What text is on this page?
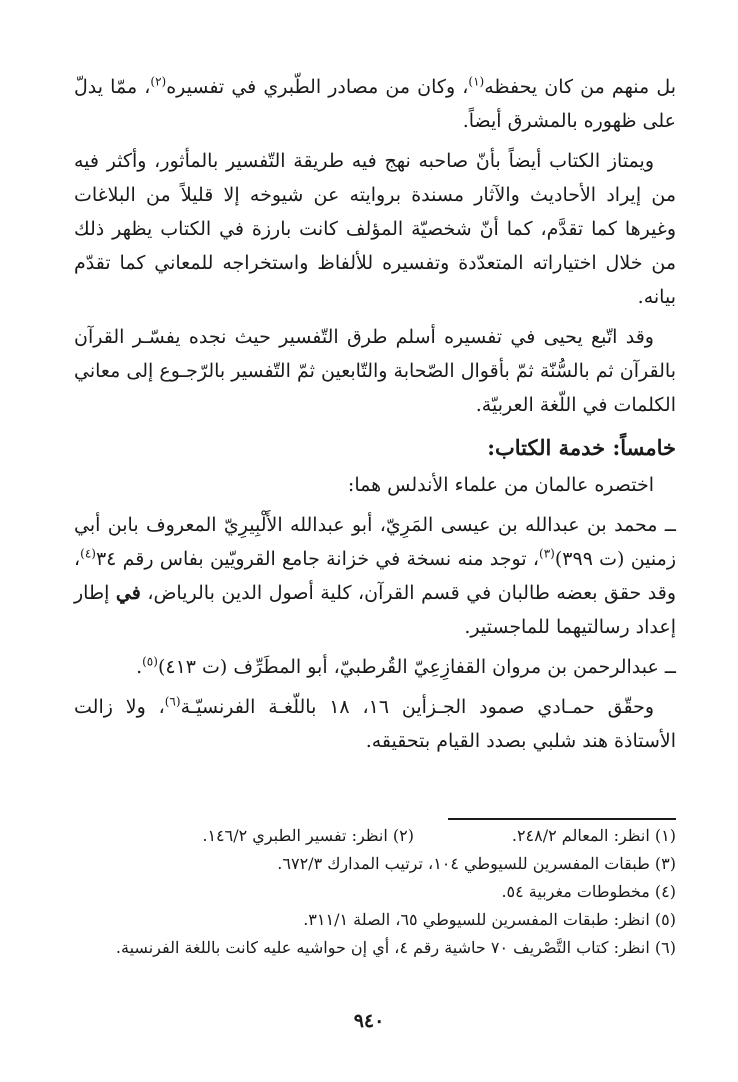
بل منهم من كان يحفظه$^{(١)}$، وكان من مصادر الطّبري في تفسيره$^{(٢)}$، ممّا يدلّ على ظهوره بالمشرق أيضاً.

ويمتاز الكتاب أيضاً بأنّ صاحبه نهج فيه طريقة التّفسير بالمأثور، وأكثر فيه من إيراد الأحاديث والآثار مسندة بروايته عن شيوخه إلا قليلاً من البلاغات وغيرها كما تقدَّم، كما أنّ شخصيّة المؤلف كانت بارزة في الكتاب يظهر ذلك من خلال اختياراته المتعدّدة وتفسيره للألفاظ واستخراجه للمعاني كما تقدّم بيانه.

وقد اتّبع يحيى في تفسيره أسلم طرق التّفسير حيث نجده يفسّـر القرآن بالقرآن ثم بالسُّنّة ثمّ بأقوال الصّحابة والتّابعين ثمّ التّفسير بالرّجـوع إلى معاني الكلمات في اللّغة العربيّة.

خامساً: خدمة الكتاب:

اختصره عالمان من علماء الأندلس هما:

ــ محمد بن عبدالله بن عيسى المَرِيّ، أبو عبدالله الأَلْبِيرِيّ المعروف بابن أبي زمنين (ت ٣٩٩)$^{(٣)}$، توجد منه نسخة في خزانة جامع القرويّين بفاس رقم ٣٤$^{(٤)}$، وقد حقق بعضه طالبان في قسم القرآن، كلية أصول الدين بالرياض، في إطار إعداد رسالتيهما للماجستير.

ــ عبدالرحمن بن مروان القفازِعِيّ القُرطبيّ، أبو المطَرِّف (ت ٤١٣)$^{(٥)}$.

وحقّق حمـادي صمود الجـزأين ١٦، ١٨ باللّغـة الفرنسيّـة$^{(٦)}$، ولا زالت الأستاذة هند شلبي بصدد القيام بتحقيقه.

(١) انظر: المعالم ٢٤٨/٢.
(٢) انظر: تفسير الطبري ١٤٦/٢.
(٣) طبقات المفسرين للسيوطي ١٠٤، ترتيب المدارك ٦٧٢/٣.
(٤) مخطوطات مغربية ٥٤.
(٥) انظر: طبقات المفسرين للسيوطي ٦٥، الصلة ٣١١/١.
(٦) انظر: كتاب التَّصْريف ٧٠ حاشية رقم ٤، أي إن حواشيه عليه كانت باللغة الفرنسية.
٩٤٠
